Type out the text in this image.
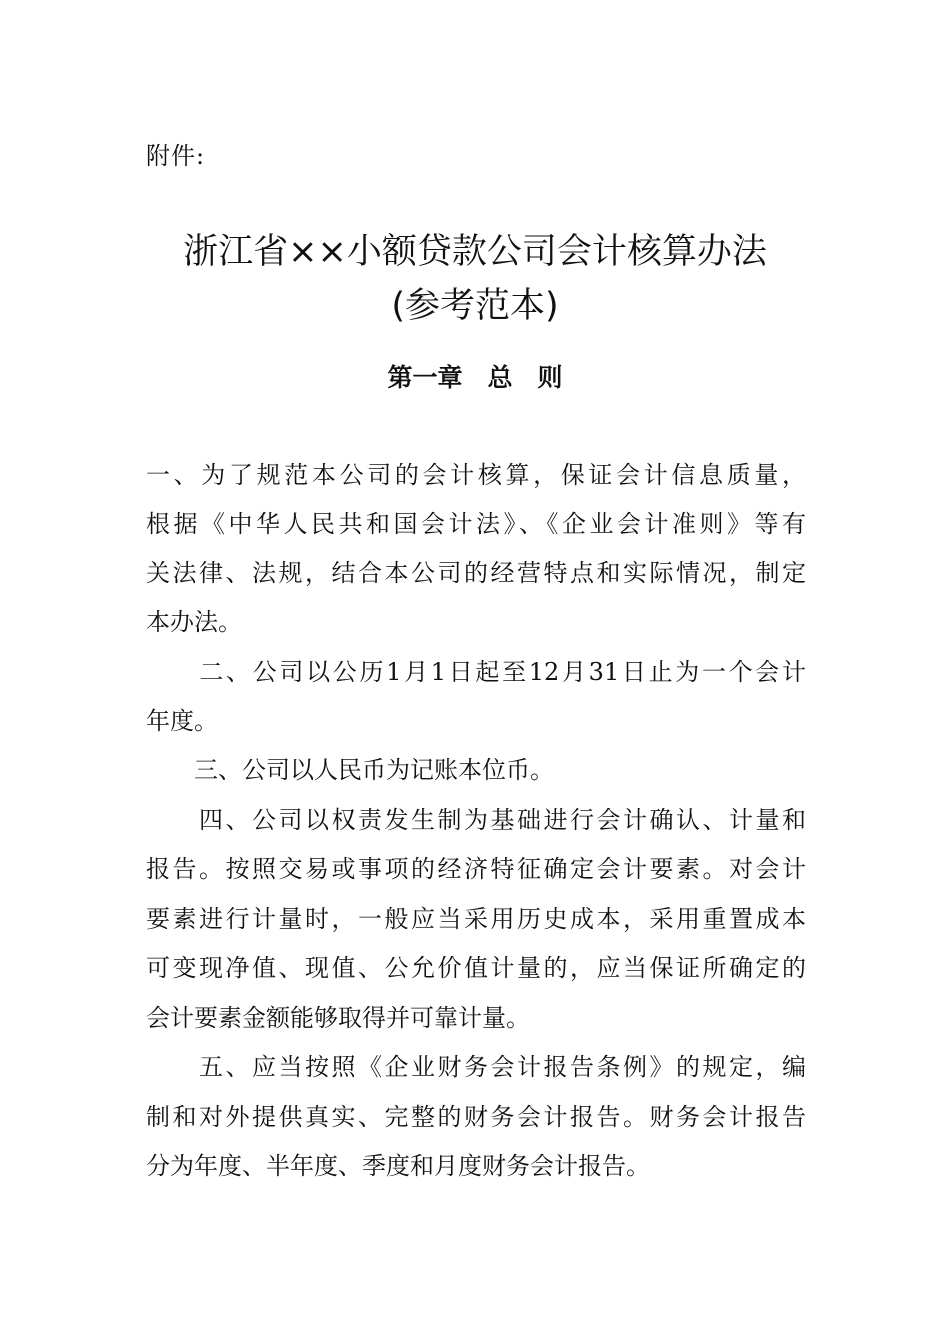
附件:
浙江省××小额贷款公司会计核算办法
(参考范本)
第一章　总　则
一、为了规范本公司的会计核算，保证会计信息质量，
根据《中华人民共和国会计法》、《企业会计准则》等有
关法律、法规，结合本公司的经营特点和实际情况，制定
本办法。
　　二、公司以公历1月1日起至12月31日止为一个会计
年度。
　　三、公司以人民币为记账本位币。
　　四、公司以权责发生制为基础进行会计确认、计量和
报告。按照交易或事项的经济特征确定会计要素。对会计
要素进行计量时，一般应当采用历史成本，采用重置成本
可变现净值、现值、公允价值计量的，应当保证所确定的
会计要素金额能够取得并可靠计量。
　　五、应当按照《企业财务会计报告条例》的规定，编
制和对外提供真实、完整的财务会计报告。财务会计报告
分为年度、半年度、季度和月度财务会计报告。
